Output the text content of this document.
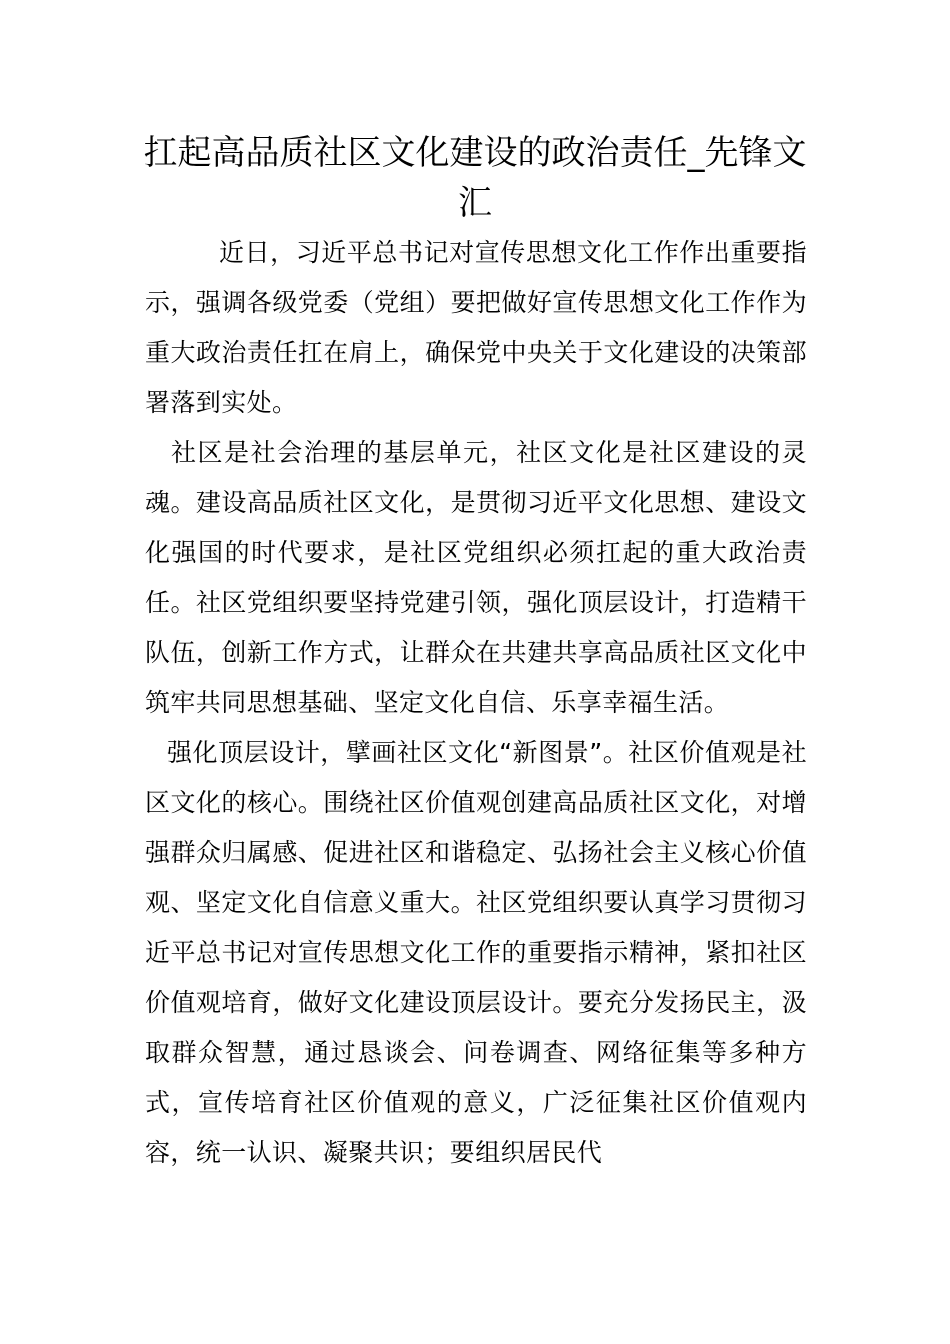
扛起高品质社区文化建设的政治责任_先锋文汇

近日，习近平总书记对宣传思想文化工作作出重要指示，强调各级党委（党组）要把做好宣传思想文化工作作为重大政治责任扛在肩上，确保党中央关于文化建设的决策部署落到实处。

社区是社会治理的基层单元，社区文化是社区建设的灵魂。建设高品质社区文化，是贯彻习近平文化思想、建设文化强国的时代要求，是社区党组织必须扛起的重大政治责任。社区党组织要坚持党建引领，强化顶层设计，打造精干队伍，创新工作方式，让群众在共建共享高品质社区文化中筑牢共同思想基础、坚定文化自信、乐享幸福生活。

强化顶层设计，擘画社区文化“新图景”。社区价值观是社区文化的核心。围绕社区价值观创建高品质社区文化，对增强群众归属感、促进社区和谐稳定、弘扬社会主义核心价值观、坚定文化自信意义重大。社区党组织要认真学习贯彻习近平总书记对宣传思想文化工作的重要指示精神，紧扣社区价值观培育，做好文化建设顶层设计。要充分发扬民主，汲取群众智慧，通过恳谈会、问卷调查、网络征集等多种方式，宣传培育社区价值观的意义，广泛征集社区价值观内容，统一认识、凝聚共识；要组织居民代
